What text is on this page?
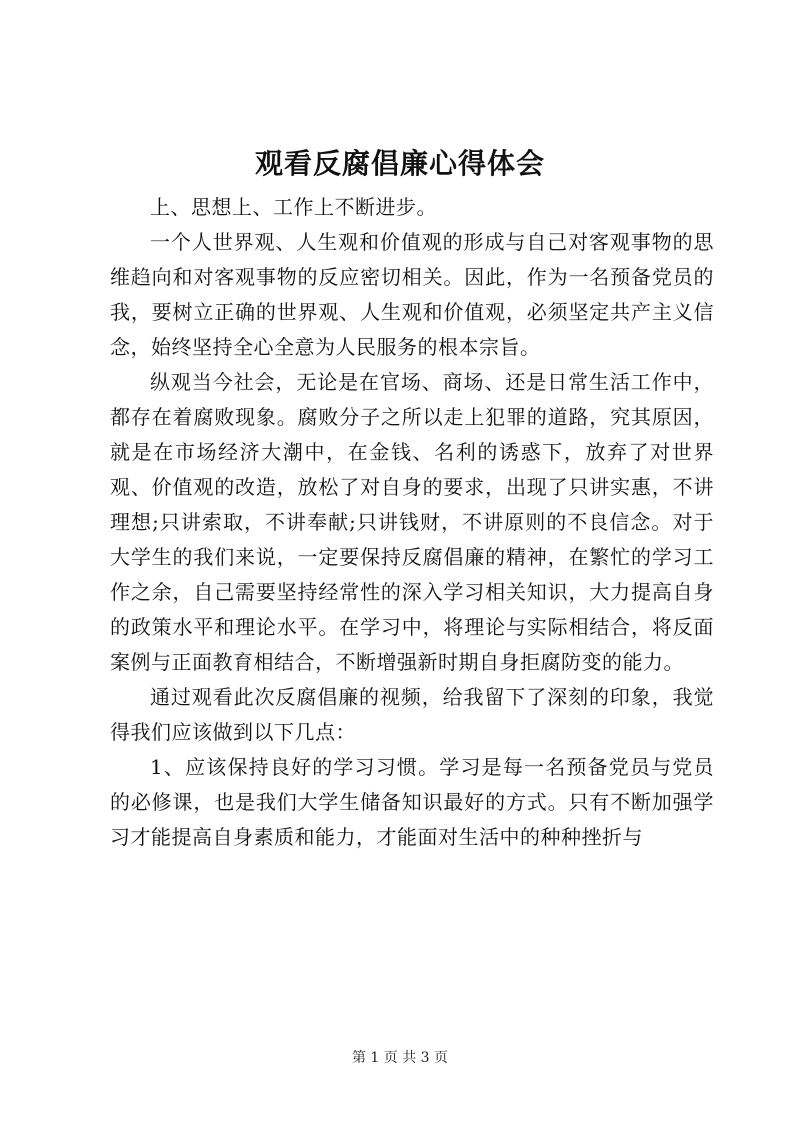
观看反腐倡廉心得体会

上、思想上、工作上不断进步。

一个人世界观、人生观和价值观的形成与自己对客观事物的思维趋向和对客观事物的反应密切相关。因此，作为一名预备党员的我，要树立正确的世界观、人生观和价值观，必须坚定共产主义信念，始终坚持全心全意为人民服务的根本宗旨。

纵观当今社会，无论是在官场、商场、还是日常生活工作中，都存在着腐败现象。腐败分子之所以走上犯罪的道路，究其原因，就是在市场经济大潮中，在金钱、名利的诱惑下，放弃了对世界观、价值观的改造，放松了对自身的要求，出现了只讲实惠，不讲理想;只讲索取，不讲奉献;只讲钱财，不讲原则的不良信念。对于大学生的我们来说，一定要保持反腐倡廉的精神，在繁忙的学习工作之余，自己需要坚持经常性的深入学习相关知识，大力提高自身的政策水平和理论水平。在学习中，将理论与实际相结合，将反面案例与正面教育相结合，不断增强新时期自身拒腐防变的能力。

通过观看此次反腐倡廉的视频，给我留下了深刻的印象，我觉得我们应该做到以下几点：

1、应该保持良好的学习习惯。学习是每一名预备党员与党员的必修课，也是我们大学生储备知识最好的方式。只有不断加强学习才能提高自身素质和能力，才能面对生活中的种种挫折与

第 1 页 共 3 页
